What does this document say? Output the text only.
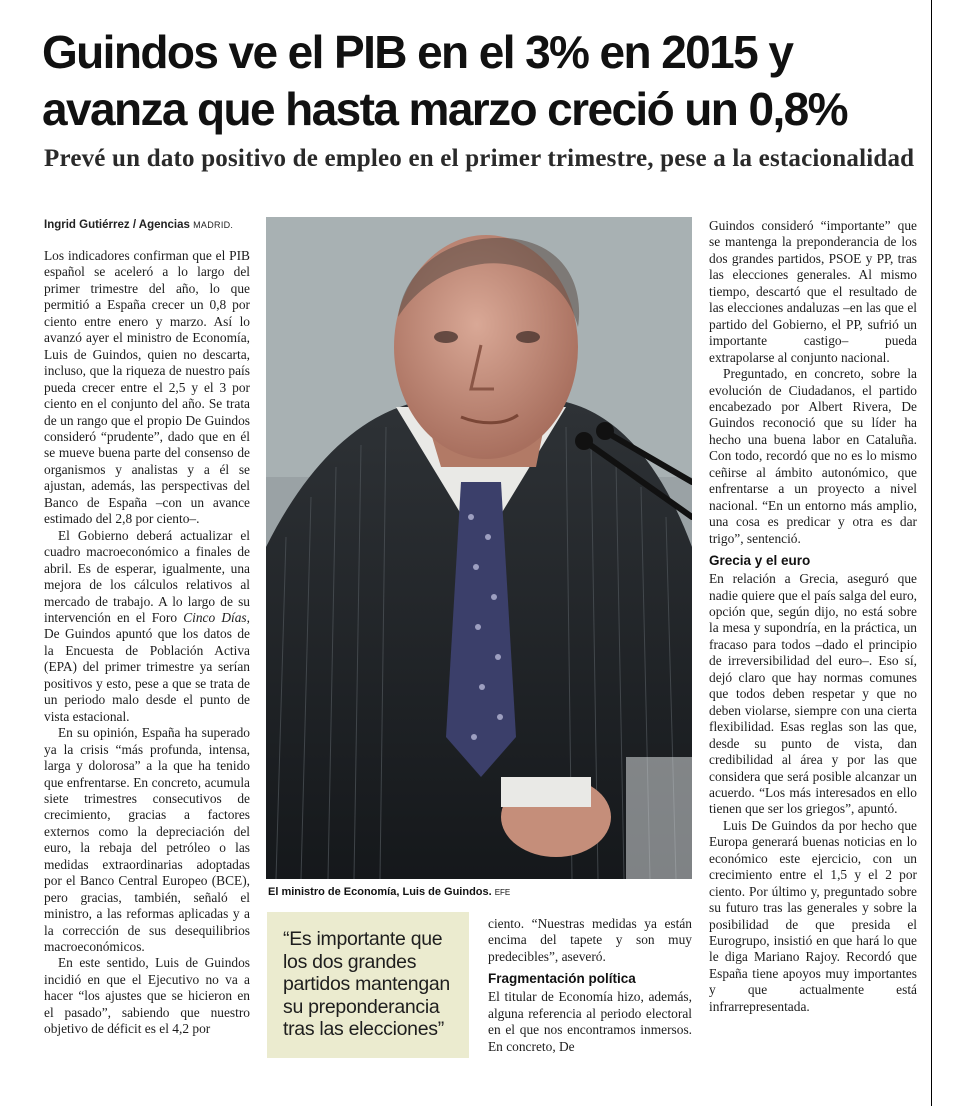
Guindos ve el PIB en el 3% en 2015 y avanza que hasta marzo creció un 0,8%
Prevé un dato positivo de empleo en el primer trimestre, pese a la estacionalidad
Ingrid Gutiérrez / Agencias MADRID.

Los indicadores confirman que el PIB español se aceleró a lo largo del primer trimestre del año, lo que permitió a España crecer un 0,8 por ciento entre enero y marzo. Así lo avanzó ayer el ministro de Economía, Luis de Guindos, quien no descarta, incluso, que la riqueza de nuestro país pueda crecer entre el 2,5 y el 3 por ciento en el conjunto del año. Se trata de un rango que el propio De Guindos consideró “prudente”, dado que en él se mueve buena parte del consenso de organismos y analistas y a él se ajustan, además, las perspectivas del Banco de España –con un avance estimado del 2,8 por ciento–.

El Gobierno deberá actualizar el cuadro macroeconómico a finales de abril. Es de esperar, igualmente, una mejora de los cálculos relativos al mercado de trabajo. A lo largo de su intervención en el Foro Cinco Días, De Guindos apuntó que los datos de la Encuesta de Población Activa (EPA) del primer trimestre ya serían positivos y esto, pese a que se trata de un periodo malo desde el punto de vista estacional.

En su opinión, España ha superado ya la crisis “más profunda, intensa, larga y dolorosa” a la que ha tenido que enfrentarse. En concreto, acumula siete trimestres consecutivos de crecimiento, gracias a factores externos como la depreciación del euro, la rebaja del petróleo o las medidas extraordinarias adoptadas por el Banco Central Europeo (BCE), pero gracias, también, señaló el ministro, a las reformas aplicadas y a la corrección de sus desequilibrios macroeconómicos.

En este sentido, Luis de Guindos incidió en que el Ejecutivo no va a hacer “los ajustes que se hicieron en el pasado”, sabiendo que nuestro objetivo de déficit es el 4,2 por

El ministro de Economía, Luis de Guindos. EFE
“Es importante que los dos grandes partidos mantengan su preponderancia tras las elecciones”

ciento. “Nuestras medidas ya están encima del tapete y son muy predecibles”, aseveró.

Fragmentación política

El titular de Economía hizo, además, alguna referencia al periodo electoral en el que nos encontramos inmersos. En concreto, De

Guindos consideró “importante” que se mantenga la preponderancia de los dos grandes partidos, PSOE y PP, tras las elecciones generales. Al mismo tiempo, descartó que el resultado de las elecciones andaluzas –en las que el partido del Gobierno, el PP, sufrió un importante castigo– pueda extrapolarse al conjunto nacional.

Preguntado, en concreto, sobre la evolución de Ciudadanos, el partido encabezado por Albert Rivera, De Guindos reconoció que su líder ha hecho una buena labor en Cataluña. Con todo, recordó que no es lo mismo ceñirse al ámbito autonómico, que enfrentarse a un proyecto a nivel nacional. “En un entorno más amplio, una cosa es predicar y otra es dar trigo”, sentenció.

Grecia y el euro

En relación a Grecia, aseguró que nadie quiere que el país salga del euro, opción que, según dijo, no está sobre la mesa y supondría, en la práctica, un fracaso para todos –dado el principio de irreversibilidad del euro–. Eso sí, dejó claro que hay normas comunes que todos deben respetar y que no deben violarse, siempre con una cierta flexibilidad. Esas reglas son las que, desde su punto de vista, dan credibilidad al área y por las que considera que será posible alcanzar un acuerdo. “Los más interesados en ello tienen que ser los griegos”, apuntó.

Luis De Guindos da por hecho que Europa generará buenas noticias en lo económico este ejercicio, con un crecimiento entre el 1,5 y el 2 por ciento. Por último y, preguntado sobre su futuro tras las generales y sobre la posibilidad de que presida el Eurogrupo, insistió en que hará lo que le diga Mariano Rajoy. Recordó que España tiene apoyos muy importantes y que actualmente está infrarrepresentada.
